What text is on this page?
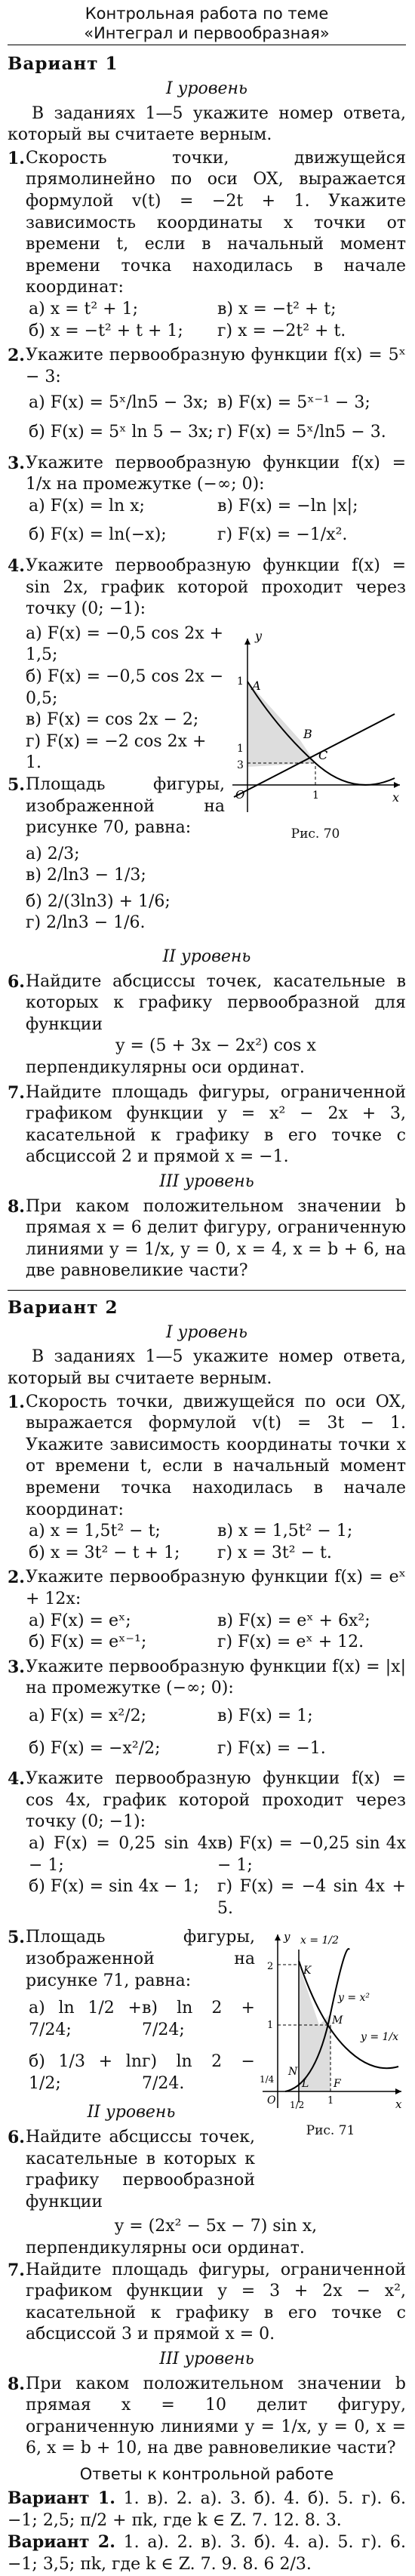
Контрольная работа по теме
«Интеграл и первообразная»
Вариант 1
I уровень

В заданиях 1—5 укажите номер ответа, который вы считаете верным.

1. Скорость точки, движущейся прямолинейно по оси OX, выражается формулой v(t) = −2t + 1. Укажите зависимость координаты x точки от времени t, если в начальный момент времени точка находилась в начале координат:
а) x = t² + 1;	в) x = −t² + t;
б) x = −t² + t + 1;	г) x = −2t² + t.
2. Укажите первообразную функции f(x) = 5ˣ − 3:
а) F(x) = 5ˣ/ln5 − 3x; в) F(x) = 5ˣ⁻¹ − 3;
б) F(x) = 5ˣ ln 5 − 3x; г) F(x) = 5ˣ/ln5 − 3.
3. Укажите первообразную функции f(x) = 1/x на промежутке (−∞; 0):
а) F(x) = ln x;	в) F(x) = −ln |x|;
б) F(x) = ln(−x);	г) F(x) = −1/x².
4. Укажите первообразную функции f(x) = sin 2x, график которой проходит через точку (0; −1):
а) F(x) = −0,5 cos 2x + 1,5;
б) F(x) = −0,5 cos 2x − 0,5;
в) F(x) = cos 2x − 2;
г) F(x) = −2 cos 2x + 1.
5. Площадь фигуры, изображенной на рисунке 70, равна:
а) 2/3;
в) 2/ln3 − 1/3;
б) 2/(3ln3) + 1/6;
г) 2/ln3 − 1/6.
y
x
O
1
1
3
1
A
B
C
Рис. 70
II уровень
6. Найдите абсциссы точек, касательные в которых к графику первообразной для функции
y = (5 + 3x − 2x²) cos x
перпендикулярны оси ординат.
7. Найдите площадь фигуры, ограниченной графиком функции y = x² − 2x + 3, касательной к графику в его точке с абсциссой 2 и прямой x = −1.
III уровень
8. При каком положительном значении b прямая x = 6 делит фигуру, ограниченную линиями y = 1/x, y = 0, x = 4, x = b + 6, на две равновеликие части?
Вариант 2
I уровень

В заданиях 1—5 укажите номер ответа, который вы считаете верным.

1. Скорость точки, движущейся по оси OX, выражается формулой v(t) = 3t − 1. Укажите зависимость координаты точки x от времени t, если в начальный момент времени точка находилась в начале координат:
а) x = 1,5t² − t;	в) x = 1,5t² − 1;
б) x = 3t² − t + 1;	г) x = 3t² − t.
2. Укажите первообразную функции f(x) = eˣ + 12x:
а) F(x) = eˣ;	в) F(x) = eˣ + 6x²;
б) F(x) = eˣ⁻¹;	г) F(x) = eˣ + 12.
3. Укажите первообразную функции f(x) = |x| на промежутке (−∞; 0):
а) F(x) = x²/2;	в) F(x) = 1;
б) F(x) = −x²/2;	г) F(x) = −1.
4. Укажите первообразную функции f(x) = cos 4x, график которой проходит через точку (0; −1):
а) F(x) = 0,25 sin 4x − 1;
в) F(x) = −0,25 sin 4x − 1;
б) F(x) = sin 4x − 1;	г) F(x) = −4 sin 4x + 5.
5. Площадь фигуры, изображенной на рисунке 71, равна:
а) ln 1/2 + 7/24;
в) ln 2 + 7/24;
б) 1/3 + ln 1/2;
г) ln 2 − 7/24.
II уровень
6. Найдите абсциссы точек, касательные в которых к графику первообразной функции
y
x
O
x = 1/2
y = x²
y = 1/x
2
1
1/4
1/2 1
K
M
N
L F
Рис. 71
y = (2x² − 5x − 7) sin x,
перпендикулярны оси ординат.
7. Найдите площадь фигуры, ограниченной графиком функции y = 3 + 2x − x², касательной к графику в его точке с абсциссой 3 и прямой x = 0.
III уровень
8. При каком положительном значении b прямая x = 10 делит фигуру, ограниченную линиями y = 1/x, y = 0, x = 6, x = b + 10, на две равновеликие части?
Ответы к контрольной работе
Вариант 1. 1. в). 2. а). 3. б). 4. б). 5. г). 6. −1; 2,5; π/2 + πk, где k ∈ Z. 7. 12. 8. 3.
Вариант 2. 1. а). 2. в). 3. б). 4. а). 5. г). 6. −1; 3,5; πk, где k ∈ Z. 7. 9. 8. 6 2/3.
